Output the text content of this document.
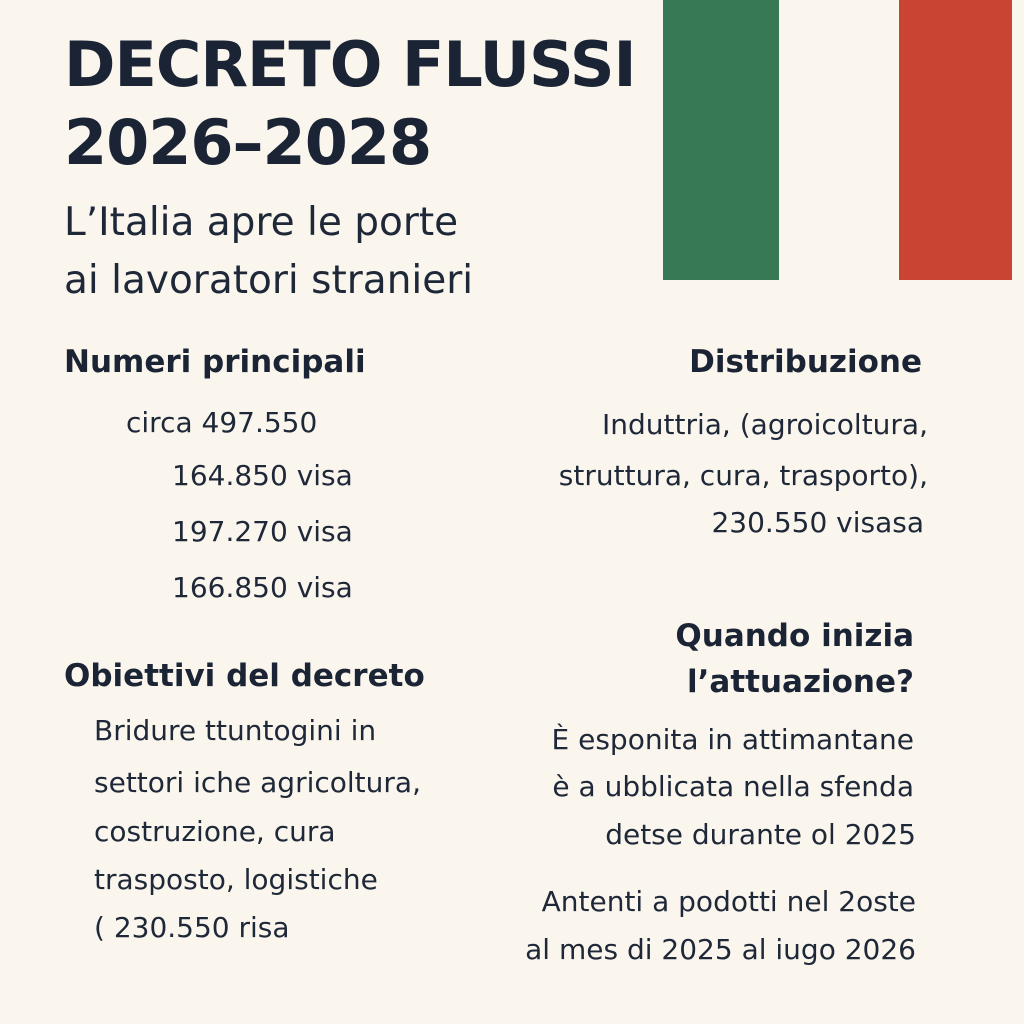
DECRETO FLUSSI
2026–2028
L’Italia apre le porte
ai lavoratori stranieri
Numeri principali
circa 497.550
164.850 visa
197.270 visa
166.850 visa
Distribuzione
Induttria, (agroicoltura,
struttura, cura, trasporto),
230.550 visasa
Obiettivi del decreto
Bridure ttuntogini in
settori iche agricoltura,
costruzione, cura
trasposto, logistiche
( 230.550 risa
Quando inizia
l’attuazione?
È esponita in attimantane
è a ubblicata nella sfenda
detse durante ol 2025
Antenti a podotti nel 2oste
al mes di 2025 al iugo 2026
